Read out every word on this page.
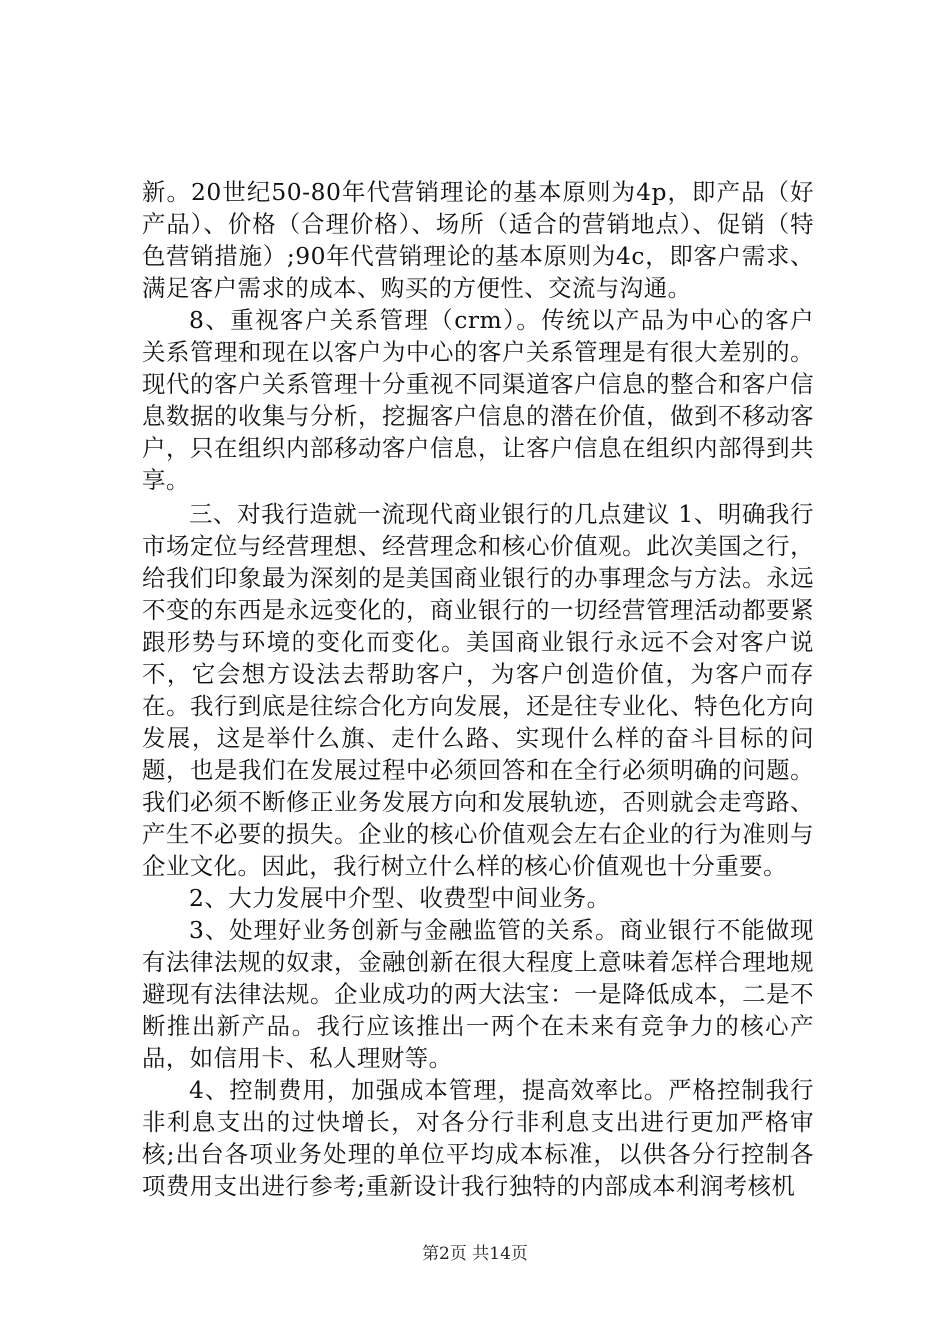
新。20世纪50-80年代营销理论的基本原则为4p，即产品（好产品）、价格（合理价格）、场所（适合的营销地点）、促销（特色营销措施）;90年代营销理论的基本原则为4c，即客户需求、满足客户需求的成本、购买的方便性、交流与沟通。

8、重视客户关系管理（crm）。传统以产品为中心的客户关系管理和现在以客户为中心的客户关系管理是有很大差别的。现代的客户关系管理十分重视不同渠道客户信息的整合和客户信息数据的收集与分析，挖掘客户信息的潜在价值，做到不移动客户，只在组织内部移动客户信息，让客户信息在组织内部得到共享。

三、对我行造就一流现代商业银行的几点建议 1、明确我行市场定位与经营理想、经营理念和核心价值观。此次美国之行，给我们印象最为深刻的是美国商业银行的办事理念与方法。永远不变的东西是永远变化的，商业银行的一切经营管理活动都要紧跟形势与环境的变化而变化。美国商业银行永远不会对客户说不，它会想方设法去帮助客户，为客户创造价值，为客户而存在。我行到底是往综合化方向发展，还是往专业化、特色化方向发展，这是举什么旗、走什么路、实现什么样的奋斗目标的问题，也是我们在发展过程中必须回答和在全行必须明确的问题。我们必须不断修正业务发展方向和发展轨迹，否则就会走弯路、产生不必要的损失。企业的核心价值观会左右企业的行为准则与企业文化。因此，我行树立什么样的核心价值观也十分重要。

2、大力发展中介型、收费型中间业务。

3、处理好业务创新与金融监管的关系。商业银行不能做现有法律法规的奴隶，金融创新在很大程度上意味着怎样合理地规避现有法律法规。企业成功的两大法宝：一是降低成本，二是不断推出新产品。我行应该推出一两个在未来有竞争力的核心产品，如信用卡、私人理财等。

4、控制费用，加强成本管理，提高效率比。严格控制我行非利息支出的过快增长，对各分行非利息支出进行更加严格审核;出台各项业务处理的单位平均成本标准，以供各分行控制各项费用支出进行参考;重新设计我行独特的内部成本利润考核机

第2页 共14页
